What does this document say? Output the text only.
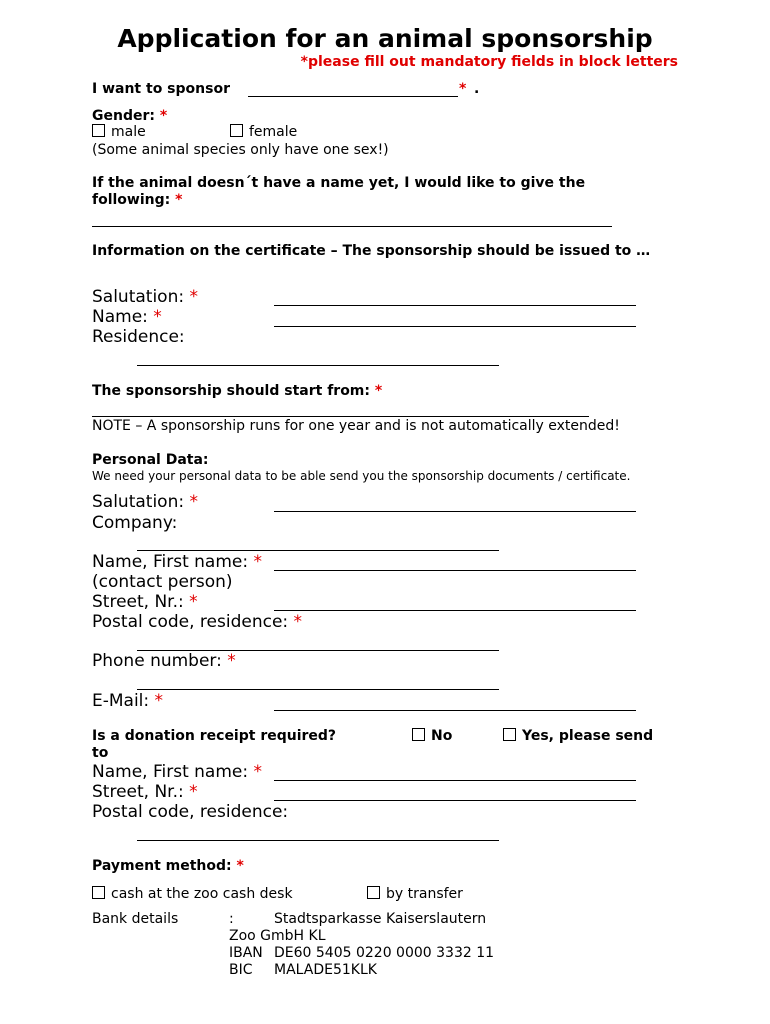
Application for an animal sponsorship
*please fill out mandatory fields in block letters
I want to sponsor	* .
Gender: *
male	female
(Some animal species only have one sex!)
If the animal doesn´t have a name yet, I would like to give the following: *
Information on the certificate – The sponsorship should be issued to …
Salutation: *
Name: *
Residence:
The sponsorship should start from: *
NOTE – A sponsorship runs for one year and is not automatically extended!
Personal Data:
We need your personal data to be able send you the sponsorship documents / certificate.
Salutation: *
Company:
Name, First name: *
(contact person)
Street, Nr.: *
Postal code, residence: *
Phone number: *
E-Mail: *
Is a donation receipt required?	No	Yes, please send
to
Name, First name: *
Street, Nr.: *
Postal code, residence:
Payment method: *
cash at the zoo cash desk	by transfer
Bank details	:	Stadtsparkasse Kaiserslautern
Zoo GmbH KL
IBAN DE60 5405 0220 0000 3332 11
BIC MALADE51KLK
